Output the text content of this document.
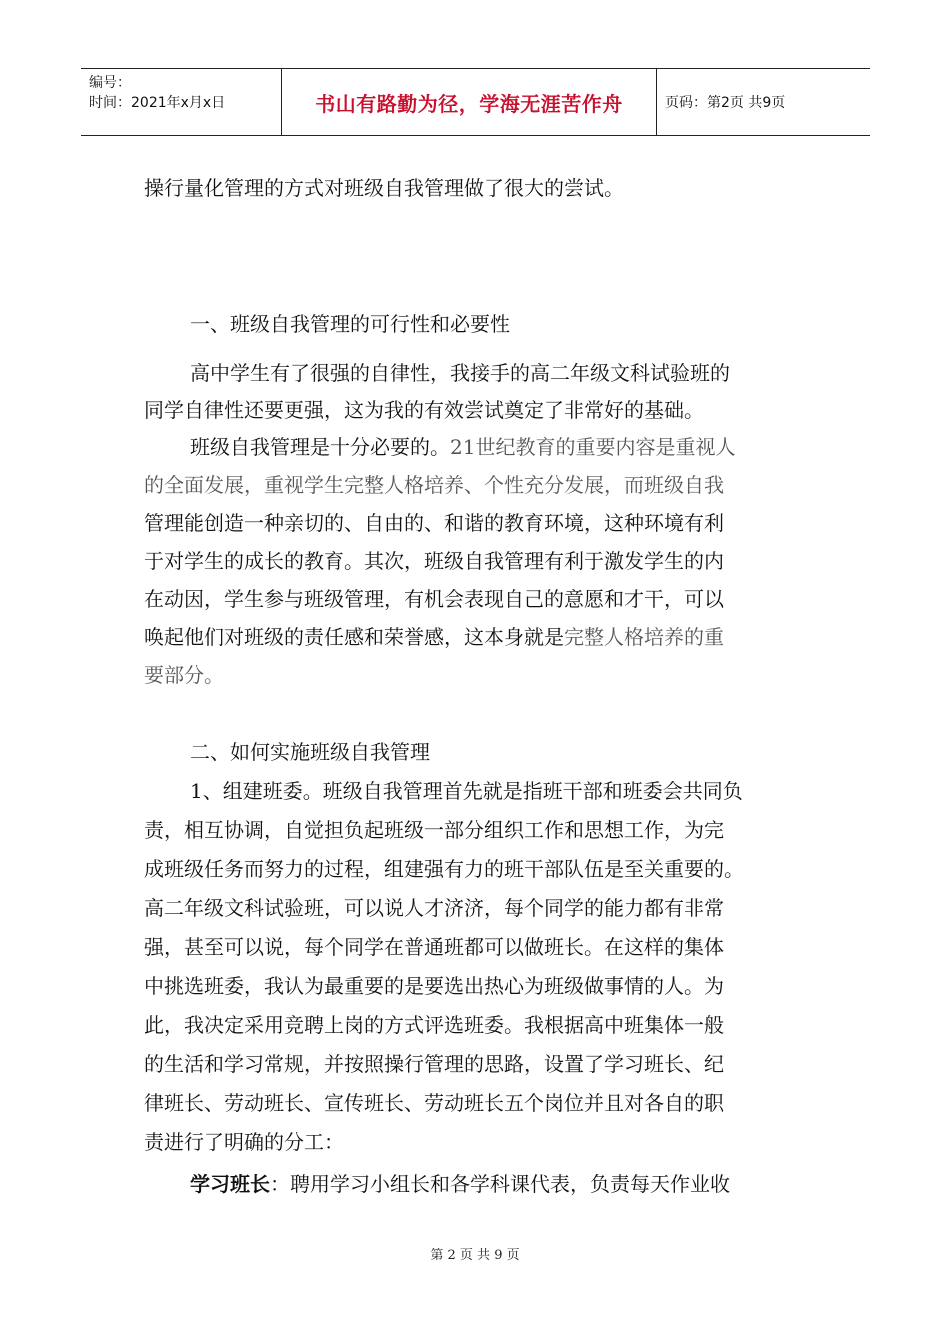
编号：
时间：2021年x月x日	书山有路勤为径，学海无涯苦作舟	页码：第2页 共9页
操行量化管理的方式对班级自我管理做了很大的尝试。
一、班级自我管理的可行性和必要性
高中学生有了很强的自律性，我接手的高二年级文科试验班的
同学自律性还要更强，这为我的有效尝试奠定了非常好的基础。
班级自我管理是十分必要的。21世纪教育的重要内容是重视人
的全面发展，重视学生完整人格培养、个性充分发展，而班级自我
管理能创造一种亲切的、自由的、和谐的教育环境，这种环境有利
于对学生的成长的教育。其次，班级自我管理有利于激发学生的内
在动因，学生参与班级管理，有机会表现自己的意愿和才干，可以
唤起他们对班级的责任感和荣誉感，这本身就是完整人格培养的重
要部分。
二、如何实施班级自我管理
1、组建班委。班级自我管理首先就是指班干部和班委会共同负
责，相互协调，自觉担负起班级一部分组织工作和思想工作，为完
成班级任务而努力的过程，组建强有力的班干部队伍是至关重要的。
高二年级文科试验班，可以说人才济济，每个同学的能力都有非常
强，甚至可以说，每个同学在普通班都可以做班长。在这样的集体
中挑选班委，我认为最重要的是要选出热心为班级做事情的人。为
此，我决定采用竞聘上岗的方式评选班委。我根据高中班集体一般
的生活和学习常规，并按照操行管理的思路，设置了学习班长、纪
律班长、劳动班长、宣传班长、劳动班长五个岗位并且对各自的职
责进行了明确的分工：
学习班长：聘用学习小组长和各学科课代表，负责每天作业收
第 2 页 共 9 页
